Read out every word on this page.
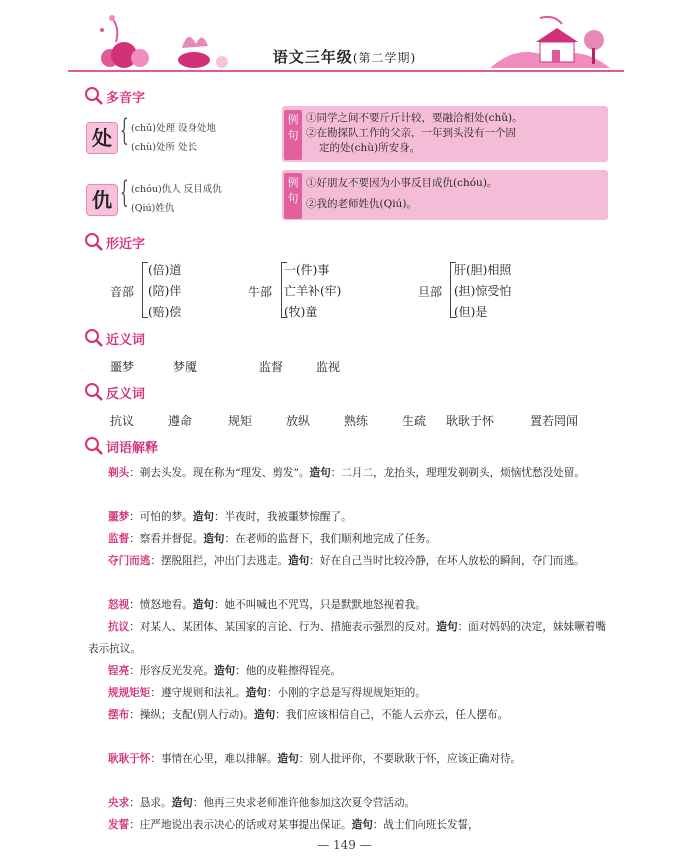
语文三年级(第二学期)
多音字
处 { (chǔ)处理 设身处地
(chù)处所 处长
例
句
①同学之间不要斤斤计较，要融洽相处(chǔ)。
②在勘探队工作的父亲，一年到头没有一个固
定的处(chù)所安身。
仇 { (chóu)仇人 反目成仇
(Qiú)姓仇
例
句
①好朋友不要因为小事反目成仇(chóu)。
②我的老师姓仇(Qiú)。
形近字
音部
(倍)道
(陪)伴
(赔)偿
牛部
一(件)事
亡羊补(牢)
(牧)童
旦部
肝(胆)相照
(担)惊受怕
(但)是
近义词
噩梦	梦魇	监督	监视
反义词
抗议	遵命	规矩	放纵	熟练	生疏 耿耿于怀	置若罔闻
词语解释
剃头：剃去头发。现在称为“理发、剪发”。造句：二月二，龙抬头，理理发剃剃头，烦恼忧愁没处留。
噩梦：可怕的梦。造句：半夜时，我被噩梦惊醒了。
监督：察看并督促。造句：在老师的监督下，我们顺利地完成了任务。
夺门而逃：摆脱阻拦，冲出门去逃走。造句：好在自己当时比较冷静，在坏人放松的瞬间，夺门而逃。
怒视：愤怒地看。造句：她不叫喊也不咒骂，只是默默地怒视着我。
抗议：对某人、某团体、某国家的言论、行为、措施表示强烈的反对。造句：面对妈妈的决定，妹妹噘着嘴表示抗议。
锃亮：形容反光发亮。造句：他的皮鞋擦得锃亮。
规规矩矩：遵守规则和法礼。造句：小刚的字总是写得规规矩矩的。
摆布：操纵；支配(别人行动)。造句：我们应该相信自己，不能人云亦云，任人摆布。
耿耿于怀：事情在心里，难以排解。造句：别人批评你，不要耿耿于怀，应该正确对待。
央求：恳求。造句：他再三央求老师准许他参加这次夏令营活动。
发誓：庄严地说出表示决心的话或对某事提出保证。造句：战士们向班长发誓，
— 149 —
